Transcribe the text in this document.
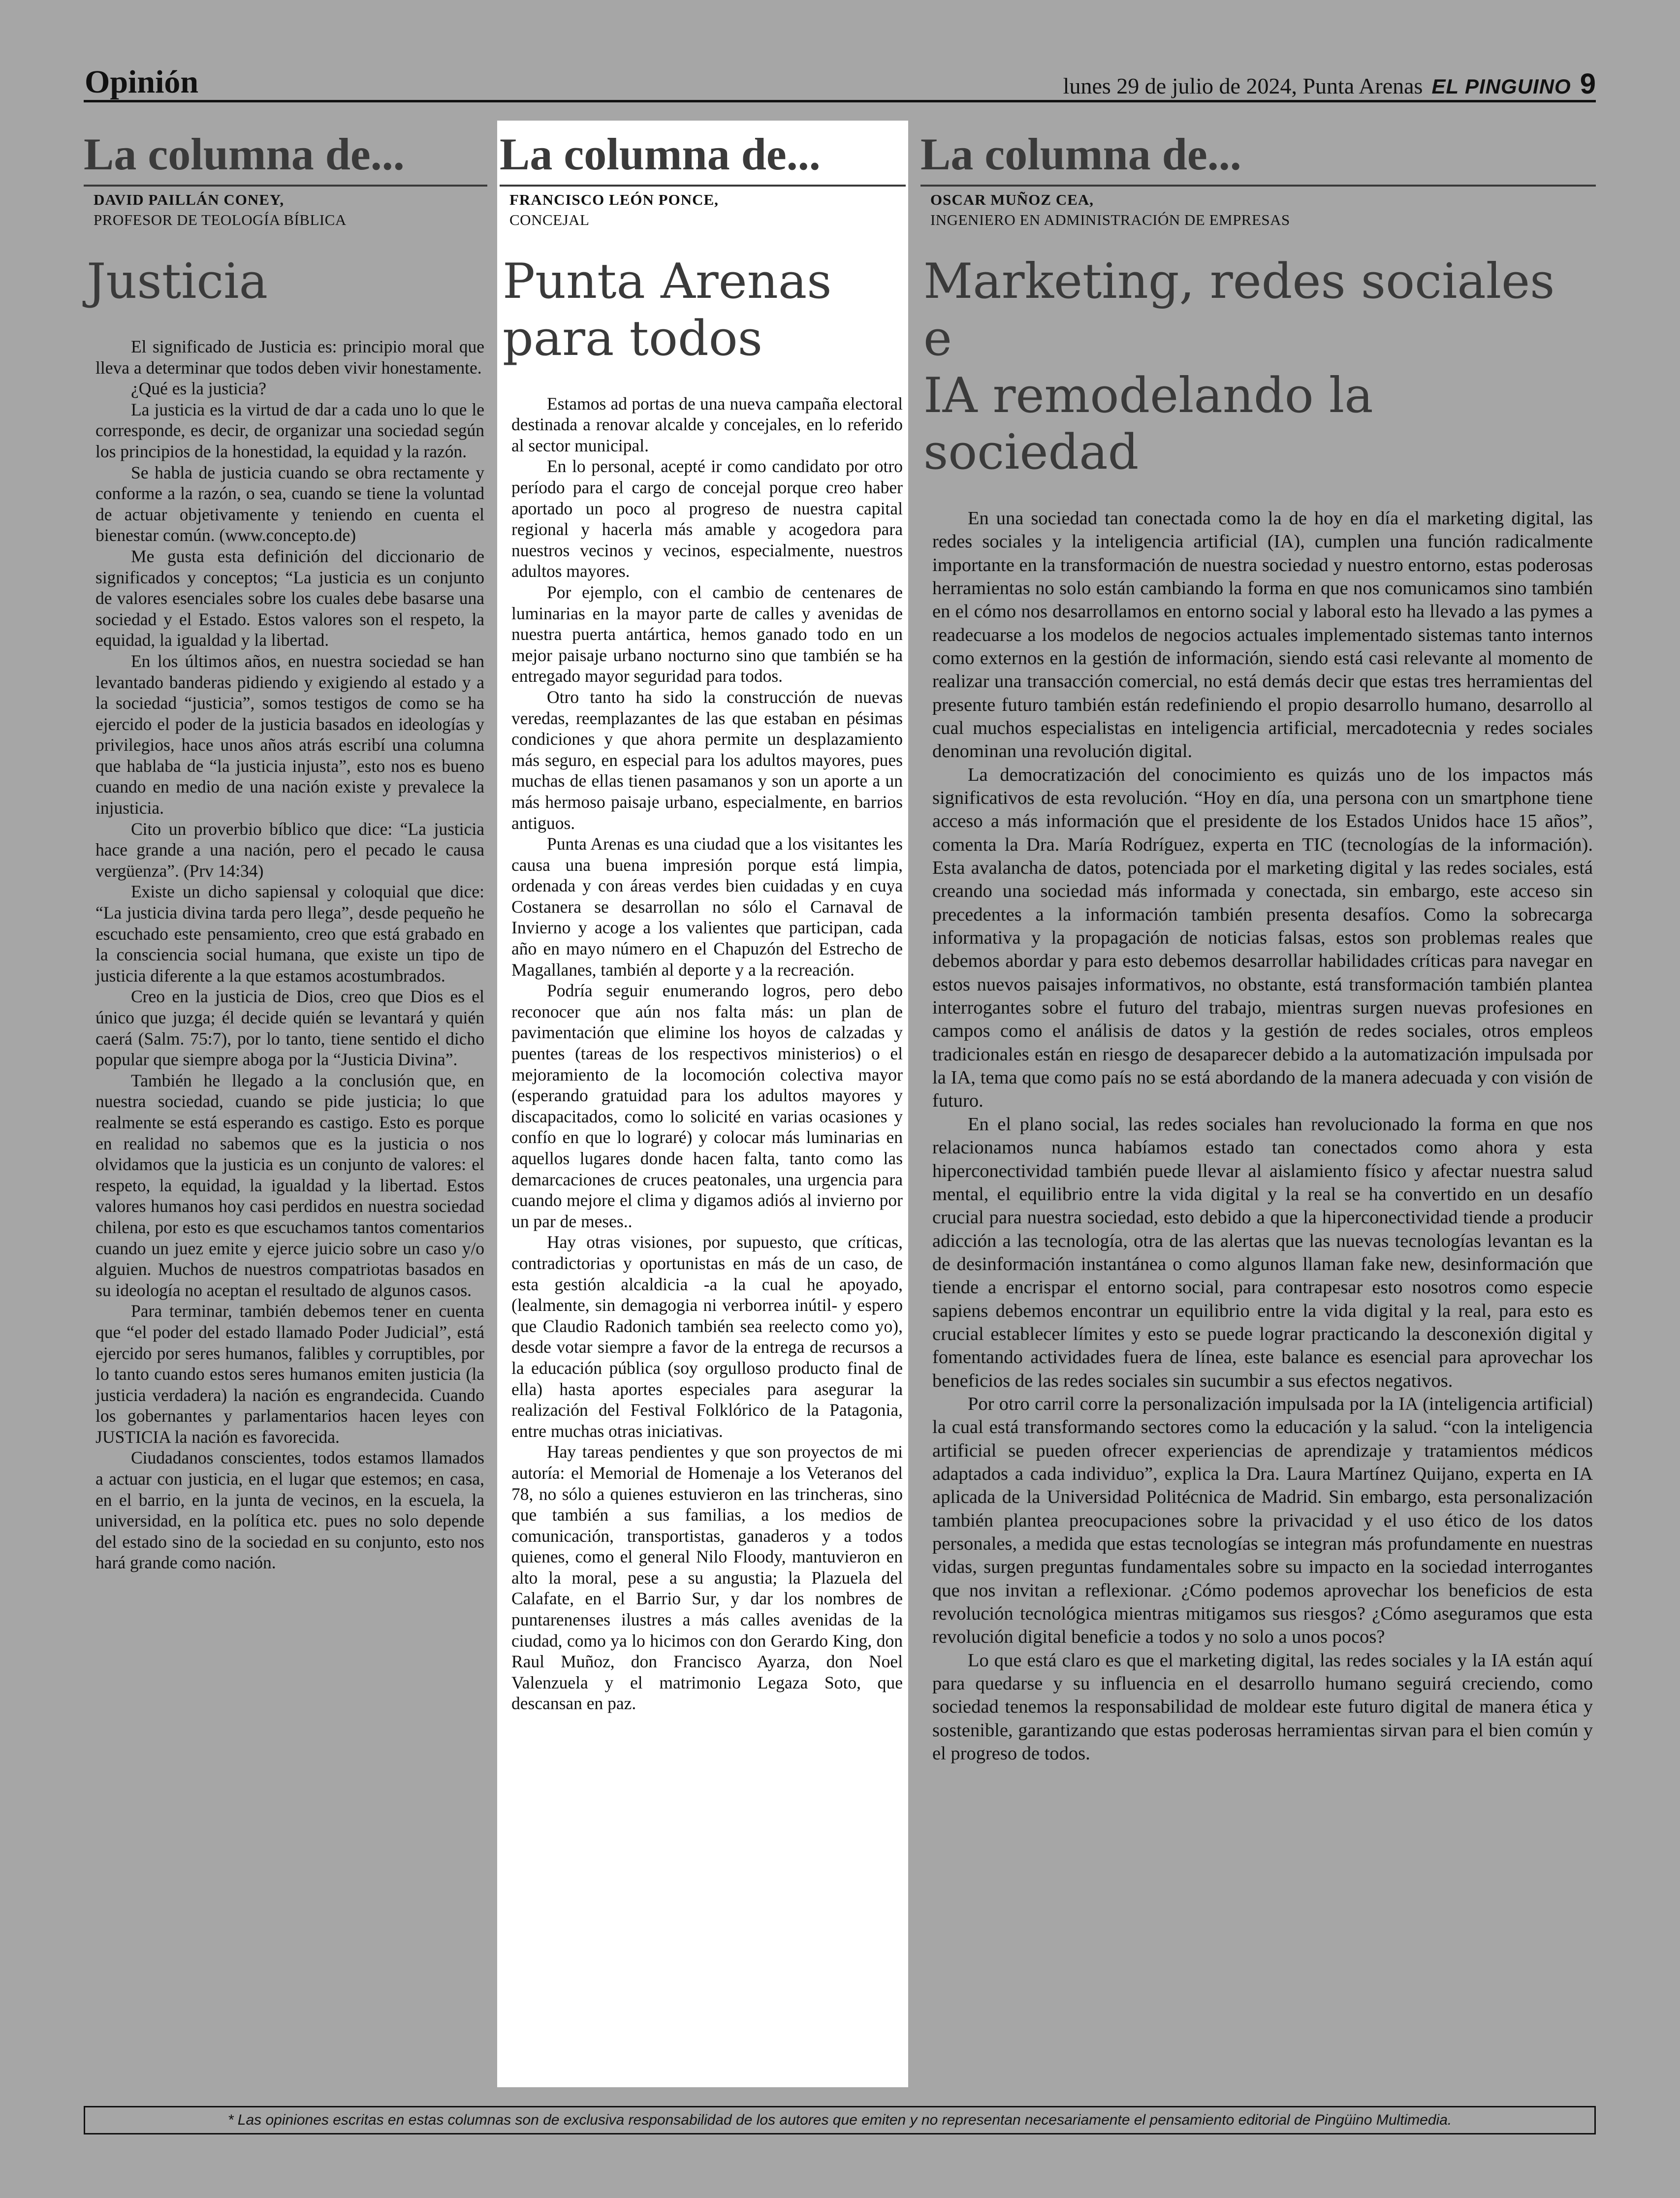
Opinión	lunes 29 de julio de 2024, Punta Arenas EL PINGUINO 9
La columna de...
DAVID PAILLÁN CONEY,
PROFESOR DE TEOLOGÍA BÍBLICA
Justicia

El significado de Justicia es: principio moral que lleva a determinar que todos deben vivir honestamente.

¿Qué es la justicia?

La justicia es la virtud de dar a cada uno lo que le corresponde, es decir, de organizar una sociedad según los principios de la honestidad, la equidad y la razón.

Se habla de justicia cuando se obra rectamente y conforme a la razón, o sea, cuando se tiene la voluntad de actuar objetivamente y teniendo en cuenta el bienestar común. (www.concepto.de)

Me gusta esta definición del diccionario de significados y conceptos; “La justicia es un conjunto de valores esenciales sobre los cuales debe basarse una sociedad y el Estado. Estos valores son el respeto, la equidad, la igualdad y la libertad.

En los últimos años, en nuestra sociedad se han levantado banderas pidiendo y exigiendo al estado y a la sociedad “justicia”, somos testigos de como se ha ejercido el poder de la justicia basados en ideologías y privilegios, hace unos años atrás escribí una columna que hablaba de “la justicia injusta”, esto nos es bueno cuando en medio de una nación existe y prevalece la injusticia.

Cito un proverbio bíblico que dice: “La justicia hace grande a una nación, pero el pecado le causa vergüenza”. (Prv 14:34)

Existe un dicho sapiensal y coloquial que dice: “La justicia divina tarda pero llega”, desde pequeño he escuchado este pensamiento, creo que está grabado en la consciencia social humana, que existe un tipo de justicia diferente a la que estamos acostumbrados.

Creo en la justicia de Dios, creo que Dios es el único que juzga; él decide quién se levantará y quién caerá (Salm. 75:7), por lo tanto, tiene sentido el dicho popular que siempre aboga por la “Justicia Divina”.

También he llegado a la conclusión que, en nuestra sociedad, cuando se pide justicia; lo que realmente se está esperando es castigo. Esto es porque en realidad no sabemos que es la justicia o nos olvidamos que la justicia es un conjunto de valores: el respeto, la equidad, la igualdad y la libertad. Estos valores humanos hoy casi perdidos en nuestra sociedad chilena, por esto es que escuchamos tantos comentarios cuando un juez emite y ejerce juicio sobre un caso y/o alguien. Muchos de nuestros compatriotas basados en su ideología no aceptan el resultado de algunos casos.

Para terminar, también debemos tener en cuenta que “el poder del estado llamado Poder Judicial”, está ejercido por seres humanos, falibles y corruptibles, por lo tanto cuando estos seres humanos emiten justicia (la justicia verdadera) la nación es engrandecida. Cuando los gobernantes y parlamentarios hacen leyes con JUSTICIA la nación es favorecida.

Ciudadanos conscientes, todos estamos llamados a actuar con justicia, en el lugar que estemos; en casa, en el barrio, en la junta de vecinos, en la escuela, la universidad, en la política etc. pues no solo depende del estado sino de la sociedad en su conjunto, esto nos hará grande como nación.

La columna de...
FRANCISCO LEÓN PONCE,
CONCEJAL
Punta Arenas
para todos

Estamos ad portas de una nueva campaña electoral destinada a renovar alcalde y concejales, en lo referido al sector municipal.

En lo personal, acepté ir como candidato por otro período para el cargo de concejal porque creo haber aportado un poco al progreso de nuestra capital regional y hacerla más amable y acogedora para nuestros vecinos y vecinos, especialmente, nuestros adultos mayores.

Por ejemplo, con el cambio de centenares de luminarias en la mayor parte de calles y avenidas de nuestra puerta antártica, hemos ganado todo en un mejor paisaje urbano nocturno sino que también se ha entregado mayor seguridad para todos.

Otro tanto ha sido la construcción de nuevas veredas, reemplazantes de las que estaban en pésimas condiciones y que ahora permite un desplazamiento más seguro, en especial para los adultos mayores, pues muchas de ellas tienen pasamanos y son un aporte a un más hermoso paisaje urbano, especialmente, en barrios antiguos.

Punta Arenas es una ciudad que a los visitantes les causa una buena impresión porque está limpia, ordenada y con áreas verdes bien cuidadas y en cuya Costanera se desarrollan no sólo el Carnaval de Invierno y acoge a los valientes que participan, cada año en mayo número en el Chapuzón del Estrecho de Magallanes, también al deporte y a la recreación.

Podría seguir enumerando logros, pero debo reconocer que aún nos falta más: un plan de pavimentación que elimine los hoyos de calzadas y puentes (tareas de los respectivos ministerios) o el mejoramiento de la locomoción colectiva mayor (esperando gratuidad para los adultos mayores y discapacitados, como lo solicité en varias ocasiones y confío en que lo lograré) y colocar más luminarias en aquellos lugares donde hacen falta, tanto como las demarcaciones de cruces peatonales, una urgencia para cuando mejore el clima y digamos adiós al invierno por un par de meses..

Hay otras visiones, por supuesto, que críticas, contradictorias y oportunistas en más de un caso, de esta gestión alcaldicia -a la cual he apoyado, (lealmente, sin demagogia ni verborrea inútil- y espero que Claudio Radonich también sea reelecto como yo), desde votar siempre a favor de la entrega de recursos a la educación pública (soy orgulloso producto final de ella) hasta aportes especiales para asegurar la realización del Festival Folklórico de la Patagonia, entre muchas otras iniciativas.

Hay tareas pendientes y que son proyectos de mi autoría: el Memorial de Homenaje a los Veteranos del 78, no sólo a quienes estuvieron en las trincheras, sino que también a sus familias, a los medios de comunicación, transportistas, ganaderos y a todos quienes, como el general Nilo Floody, mantuvieron en alto la moral, pese a su angustia; la Plazuela del Calafate, en el Barrio Sur, y dar los nombres de puntarenenses ilustres a más calles avenidas de la ciudad, como ya lo hicimos con don Gerardo King, don Raul Muñoz, don Francisco Ayarza, don Noel Valenzuela y el matrimonio Legaza Soto, que descansan en paz.

La columna de...
OSCAR MUÑOZ CEA,
INGENIERO EN ADMINISTRACIÓN DE EMPRESAS
Marketing, redes sociales e
IA remodelando la sociedad

En una sociedad tan conectada como la de hoy en día el marketing digital, las redes sociales y la inteligencia artificial (IA), cumplen una función radicalmente importante en la transformación de nuestra sociedad y nuestro entorno, estas poderosas herramientas no solo están cambiando la forma en que nos comunicamos sino también en el cómo nos desarrollamos en entorno social y laboral esto ha llevado a las pymes a readecuarse a los modelos de negocios actuales implementado sistemas tanto internos como externos en la gestión de información, siendo está casi relevante al momento de realizar una transacción comercial, no está demás decir que estas tres herramientas del presente futuro también están redefiniendo el propio desarrollo humano, desarrollo al cual muchos especialistas en inteligencia artificial, mercadotecnia y redes sociales denominan una revolución digital.

La democratización del conocimiento es quizás uno de los impactos más significativos de esta revolución. “Hoy en día, una persona con un smartphone tiene acceso a más información que el presidente de los Estados Unidos hace 15 años”, comenta la Dra. María Rodríguez, experta en TIC (tecnologías de la información). Esta avalancha de datos, potenciada por el marketing digital y las redes sociales, está creando una sociedad más informada y conectada, sin embargo, este acceso sin precedentes a la información también presenta desafíos. Como la sobrecarga informativa y la propagación de noticias falsas, estos son problemas reales que debemos abordar y para esto debemos desarrollar habilidades críticas para navegar en estos nuevos paisajes informativos, no obstante, está transformación también plantea interrogantes sobre el futuro del trabajo, mientras surgen nuevas profesiones en campos como el análisis de datos y la gestión de redes sociales, otros empleos tradicionales están en riesgo de desaparecer debido a la automatización impulsada por la IA, tema que como país no se está abordando de la manera adecuada y con visión de futuro.

En el plano social, las redes sociales han revolucionado la forma en que nos relacionamos nunca habíamos estado tan conectados como ahora y esta hiperconectividad también puede llevar al aislamiento físico y afectar nuestra salud mental, el equilibrio entre la vida digital y la real se ha convertido en un desafío crucial para nuestra sociedad, esto debido a que la hiperconectividad tiende a producir adicción a las tecnología, otra de las alertas que las nuevas tecnologías levantan es la de desinformación instantánea o como algunos llaman fake new, desinformación que tiende a encrispar el entorno social, para contrapesar esto nosotros como especie sapiens debemos encontrar un equilibrio entre la vida digital y la real, para esto es crucial establecer límites y esto se puede lograr practicando la desconexión digital y fomentando actividades fuera de línea, este balance es esencial para aprovechar los beneficios de las redes sociales sin sucumbir a sus efectos negativos.

Por otro carril corre la personalización impulsada por la IA (inteligencia artificial) la cual está transformando sectores como la educación y la salud. “con la inteligencia artificial se pueden ofrecer experiencias de aprendizaje y tratamientos médicos adaptados a cada individuo”, explica la Dra. Laura Martínez Quijano, experta en IA aplicada de la Universidad Politécnica de Madrid. Sin embargo, esta personalización también plantea preocupaciones sobre la privacidad y el uso ético de los datos personales, a medida que estas tecnologías se integran más profundamente en nuestras vidas, surgen preguntas fundamentales sobre su impacto en la sociedad interrogantes que nos invitan a reflexionar. ¿Cómo podemos aprovechar los beneficios de esta revolución tecnológica mientras mitigamos sus riesgos? ¿Cómo aseguramos que esta revolución digital beneficie a todos y no solo a unos pocos?

Lo que está claro es que el marketing digital, las redes sociales y la IA están aquí para quedarse y su influencia en el desarrollo humano seguirá creciendo, como sociedad tenemos la responsabilidad de moldear este futuro digital de manera ética y sostenible, garantizando que estas poderosas herramientas sirvan para el bien común y el progreso de todos.

* Las opiniones escritas en estas columnas son de exclusiva responsabilidad de los autores que emiten y no representan necesariamente el pensamiento editorial de Pingüino Multimedia.
